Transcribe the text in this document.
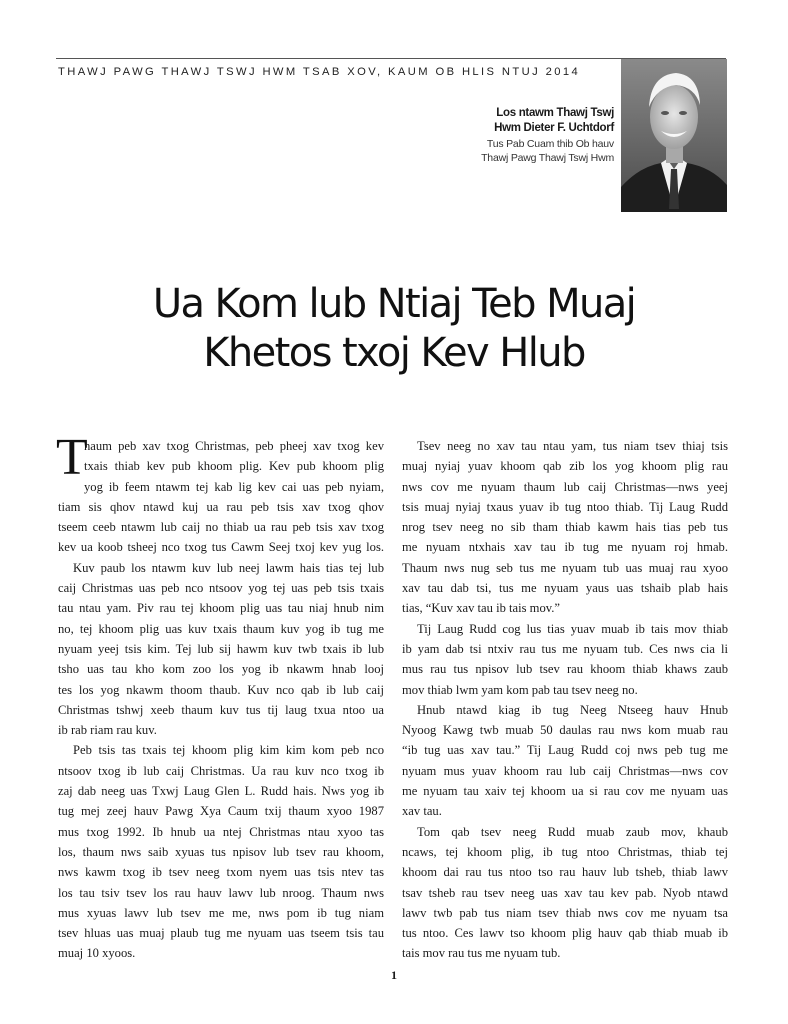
THAWJ PAWG THAWJ TSWJ HWM TSAB XOV, KAUM OB HLIS NTUJ 2014
Los ntawm Thawj Tswj
Hwm Dieter F. Uchtdorf
Tus Pab Cuam thib Ob hauv
Thawj Pawg Thawj Tswj Hwm
Ua Kom lub Ntiaj Teb Muaj
Khetos txoj Kev Hlub
T
haum peb xav txog Christmas, peb pheej xav txog kev
txais thiab kev pub khoom plig. Kev pub khoom plig
yog ib feem ntawm tej kab lig kev cai uas peb nyiam,
tiam sis qhov ntawd kuj ua rau peb tsis xav txog qhov
tseem ceeb ntawm lub caij no thiab ua rau peb tsis xav txog
kev ua koob tsheej nco txog tus Cawm Seej txoj kev yug los.
Kuv paub los ntawm kuv lub neej lawm hais tias tej lub
caij Christmas uas peb nco ntsoov yog tej uas peb tsis txais
tau ntau yam. Piv rau tej khoom plig uas tau niaj hnub nim
no, tej khoom plig uas kuv txais thaum kuv yog ib tug me
nyuam yeej tsis kim. Tej lub sij hawm kuv twb txais ib lub
tsho uas tau kho kom zoo los yog ib nkawm hnab looj
tes los yog nkawm thoom thaub. Kuv nco qab ib lub caij
Christmas tshwj xeeb thaum kuv tus tij laug txua ntoo ua
ib rab riam rau kuv.
Peb tsis tas txais tej khoom plig kim kim kom peb nco
ntsoov txog ib lub caij Christmas. Ua rau kuv nco txog ib
zaj dab neeg uas Txwj Laug Glen L. Rudd hais. Nws yog ib
tug mej zeej hauv Pawg Xya Caum txij thaum xyoo 1987
mus txog 1992. Ib hnub ua ntej Christmas ntau xyoo tas
los, thaum nws saib xyuas tus npisov lub tsev rau khoom,
nws kawm txog ib tsev neeg txom nyem uas tsis ntev tas
los tau tsiv tsev los rau hauv lawv lub nroog. Thaum nws
mus xyuas lawv lub tsev me me, nws pom ib tug niam
tsev hluas uas muaj plaub tug me nyuam uas tseem tsis tau
muaj 10 xyoos.
Tsev neeg no xav tau ntau yam, tus niam tsev thiaj tsis
muaj nyiaj yuav khoom qab zib los yog khoom plig rau
nws cov me nyuam thaum lub caij Christmas—nws yeej
tsis muaj nyiaj txaus yuav ib tug ntoo thiab. Tij Laug Rudd
nrog tsev neeg no sib tham thiab kawm hais tias peb tus
me nyuam ntxhais xav tau ib tug me nyuam roj hmab.
Thaum nws nug seb tus me nyuam tub uas muaj rau xyoo
xav tau dab tsi, tus me nyuam yaus uas tshaib plab hais
tias, “Kuv xav tau ib tais mov.”
Tij Laug Rudd cog lus tias yuav muab ib tais mov thiab
ib yam dab tsi ntxiv rau tus me nyuam tub. Ces nws cia li
mus rau tus npisov lub tsev rau khoom thiab khaws zaub
mov thiab lwm yam kom pab tau tsev neeg no.
Hnub ntawd kiag ib tug Neeg Ntseeg hauv Hnub
Nyoog Kawg twb muab 50 daulas rau nws kom muab rau
“ib tug uas xav tau.” Tij Laug Rudd coj nws peb tug me
nyuam mus yuav khoom rau lub caij Christmas—nws cov
me nyuam tau xaiv tej khoom ua si rau cov me nyuam uas
xav tau.
Tom qab tsev neeg Rudd muab zaub mov, khaub
ncaws, tej khoom plig, ib tug ntoo Christmas, thiab tej
khoom dai rau tus ntoo tso rau hauv lub tsheb, thiab lawv
tsav tsheb rau tsev neeg uas xav tau kev pab. Nyob ntawd
lawv twb pab tus niam tsev thiab nws cov me nyuam tsa
tus ntoo. Ces lawv tso khoom plig hauv qab thiab muab ib
tais mov rau tus me nyuam tub.
1
